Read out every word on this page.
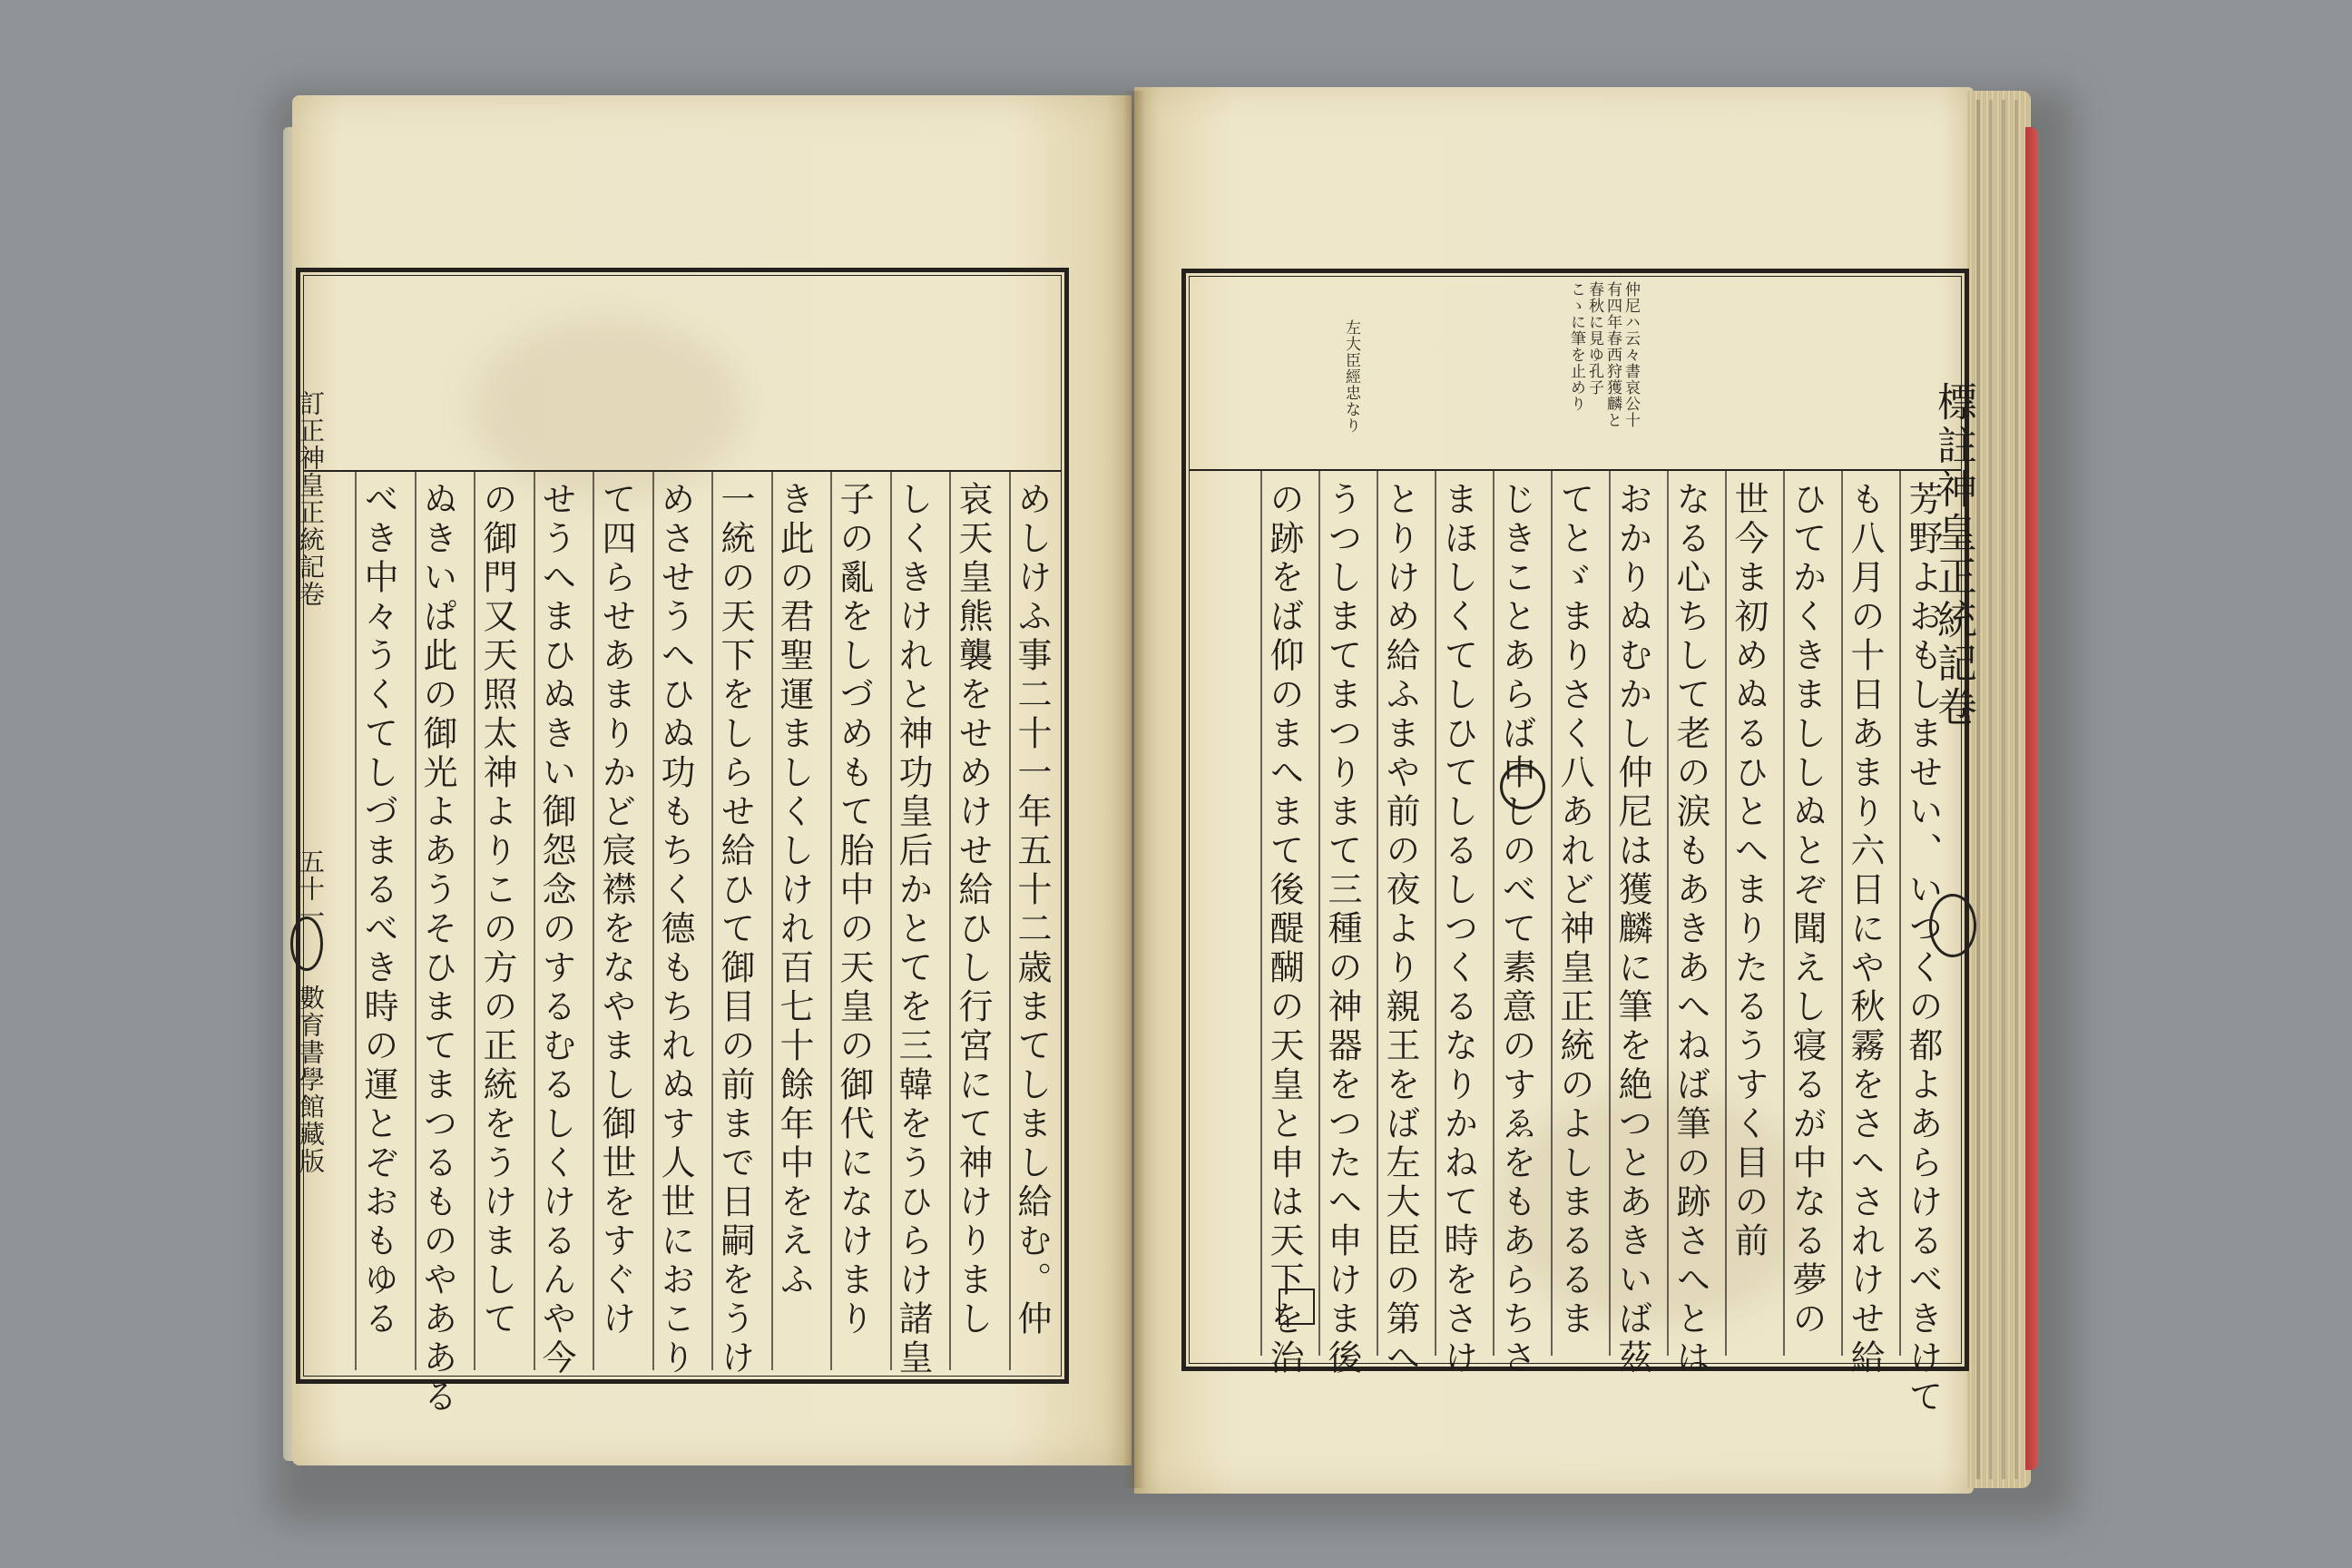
めしけふ事二十一年五十二歳まてしまし給む。仲
哀天皇熊襲をせめけせ給ひし行宮にて神けりまし
しくきけれと神功皇后かとてを三韓をうひらけ諸皇
子の亂をしづめもて胎中の天皇の御代になけまり
き此の君聖運ましくしけれ百七十餘年中をえふ
一統の天下をしらせ給ひて御目の前まで日嗣をうけ
めさせうへひぬ功もちく德もちれぬす人世におこり
て四らせあまりかど宸襟をなやまし御世をすぐけ
せうへまひぬきい御怨念のするむるしくけるんや今
の御門又天照太神よりこの方の正統をうけまして
ぬきいぱ此の御光よあうそひまてまつるものやあある
べき中々うくてしづまるべき時の運とぞおもゆる
訂正神皇正統記卷
五十一
數育書學館藏版
仲尼ハ云々書哀公十
有四年春西狩獲麟と
春秋に見ゆ孔子
こゝに筆を止めり
左大臣經忠なり
芳野よおもしませい、いつくの都よあらけるべきけて
も八月の十日あまり六日にや秋霧をさへされけせ給
ひてかくきまししぬとぞ聞えし寝るが中なる夢の
世今ま初めぬるひとへまりたるうすく目の前
なる心ちして老の涙もあきあへねば筆の跡さへとは
おかりぬむかし仲尼は獲麟に筆を絶つとあきいば茲
てとゞまりさく八あれど神皇正統のよしまるるま
じきことあらば申しのべて素意のすゑをもあらちさ
まほしくてしひてしるしつくるなりかねて時をさけ
とりけめ給ふまや前の夜より親王をば左大臣の第へ
うつしまてまつりまて三種の神器をつたへ申けま後
の跡をば仰のまへまて後醍醐の天皇と申は天下を治	標註神皇正統記卷
